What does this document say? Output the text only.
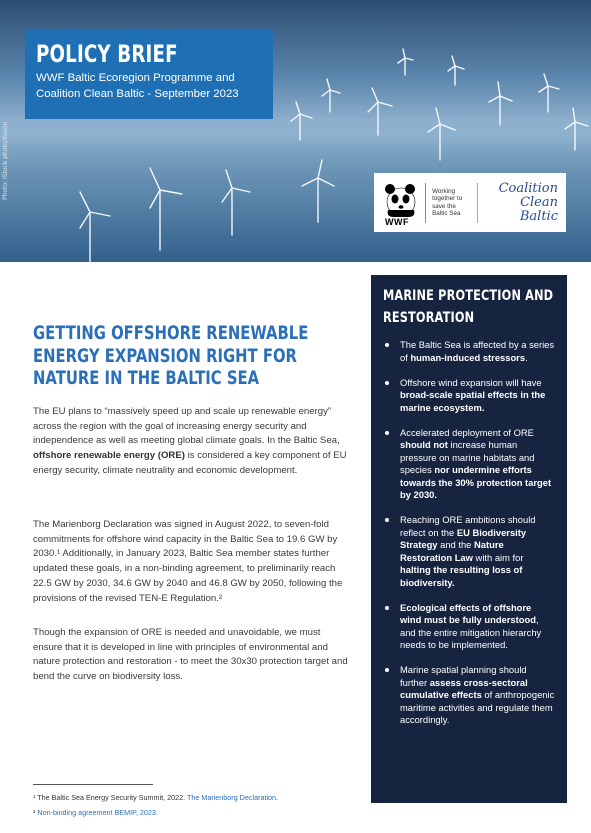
Photo: iStock photo/Koson
POLICY BRIEF
WWF Baltic Ecoregion Programme and
Coalition Clean Baltic - September 2023
WWF
Working together to save the Baltic Sea
Coalition
Clean Baltic
GETTING OFFSHORE RENEWABLE ENERGY EXPANSION RIGHT FOR NATURE IN THE BALTIC SEA

The EU plans to “massively speed up and scale up renewable energy” across the region with the goal of increasing energy security and independence as well as meeting global climate goals. In the Baltic Sea, offshore renewable energy (ORE) is considered a key component of EU energy security, climate neutrality and economic development.

The Marienborg Declaration was signed in August 2022, to seven-fold commitments for offshore wind capacity in the Baltic Sea to 19.6 GW by 2030.¹ Additionally, in January 2023, Baltic Sea member states further updated these goals, in a non-binding agreement, to preliminarily reach 22.5 GW by 2030, 34.6 GW by 2040 and 46.8 GW by 2050, following the provisions of the revised TEN-E Regulation.²

Though the expansion of ORE is needed and unavoidable, we must ensure that it is developed in line with principles of environmental and nature protection and restoration - to meet the 30x30 protection target and bend the curve on biodiversity loss.

¹ The Baltic Sea Energy Security Summit, 2022. The Marienborg Declaration.
² Non-binding agreement BEMIP, 2023.
MARINE PROTECTION AND RESTORATION
The Baltic Sea is affected by a series of human-induced stressors.
Offshore wind expansion will have broad-scale spatial effects in the marine ecosystem.
Accelerated deployment of ORE should not increase human pressure on marine habitats and species nor undermine efforts towards the 30% protection target by 2030.
Reaching ORE ambitions should reflect on the EU Biodiversity Strategy and the Nature Restoration Law with aim for halting the resulting loss of biodiversity.
Ecological effects of offshore wind must be fully understood, and the entire mitigation hierarchy needs to be implemented.
Marine spatial planning should further assess cross-sectoral cumulative effects of anthropogenic maritime activities and regulate them accordingly.
